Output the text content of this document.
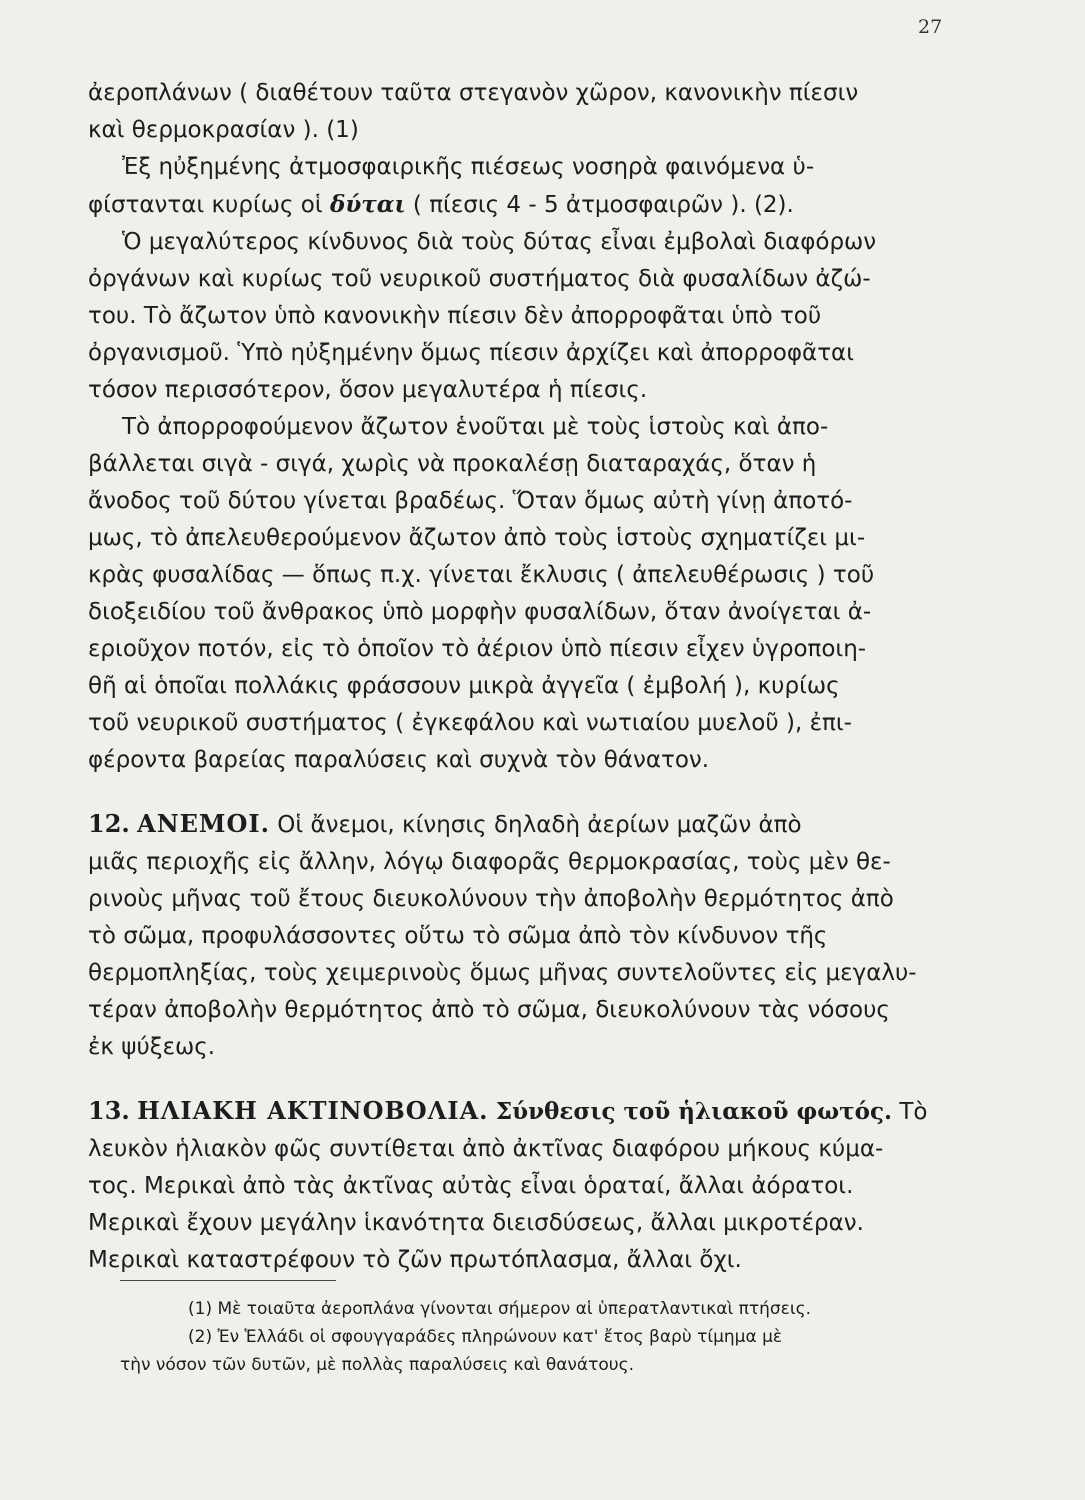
27

ἀεροπλάνων ( διαθέτουν ταῦτα στεγανὸν χῶρον, κανονικὴν πίεσιν
καὶ θερμοκρασίαν ). (1)

Ἐξ ηὐξημένης ἀτμοσφαιρικῆς πιέσεως νοσηρὰ φαινόμενα ὑ-
φίστανται κυρίως οἱ δύται ( πίεσις 4 - 5 ἀτμοσφαιρῶν ). (2).

Ὁ μεγαλύτερος κίνδυνος διὰ τοὺς δύτας εἶναι ἐμβολαὶ διαφόρων
ὀργάνων καὶ κυρίως τοῦ νευρικοῦ συστήματος διὰ φυσαλίδων ἀζώ-
του. Τὸ ἄζωτον ὑπὸ κανονικὴν πίεσιν δὲν ἀπορροφᾶται ὑπὸ τοῦ
ὀργανισμοῦ. Ὑπὸ ηὐξημένην ὅμως πίεσιν ἀρχίζει καὶ ἀπορροφᾶται
τόσον περισσότερον, ὅσον μεγαλυτέρα ἡ πίεσις.

Τὸ ἀπορροφούμενον ἄζωτον ἑνοῦται μὲ τοὺς ἱστοὺς καὶ ἀπο-
βάλλεται σιγὰ - σιγά, χωρὶς νὰ προκαλέσῃ διαταραχάς, ὅταν ἡ
ἄνοδος τοῦ δύτου γίνεται βραδέως. Ὅταν ὅμως αὐτὴ γίνῃ ἀποτό-
μως, τὸ ἀπελευθερούμενον ἄζωτον ἀπὸ τοὺς ἱστοὺς σχηματίζει μι-
κρὰς φυσαλίδας — ὅπως π.χ. γίνεται ἔκλυσις ( ἀπελευθέρωσις ) τοῦ
διοξειδίου τοῦ ἄνθρακος ὑπὸ μορφὴν φυσαλίδων, ὅταν ἀνοίγεται ἀ-
εριοῦχον ποτόν, εἰς τὸ ὁποῖον τὸ ἀέριον ὑπὸ πίεσιν εἶχεν ὑγροποιη-
θῆ αἱ ὁποῖαι πολλάκις φράσσουν μικρὰ ἀγγεῖα ( ἐμβολή ), κυρίως
τοῦ νευρικοῦ συστήματος ( ἐγκεφάλου καὶ νωτιαίου μυελοῦ ), ἐπι-
φέροντα βαρείας παραλύσεις καὶ συχνὰ τὸν θάνατον.

12. ΑΝΕΜΟΙ. Οἱ ἄνεμοι, κίνησις δηλαδὴ ἀερίων μαζῶν ἀπὸ
μιᾶς περιοχῆς εἰς ἄλλην, λόγῳ διαφορᾶς θερμοκρασίας, τοὺς μὲν θε-
ρινοὺς μῆνας τοῦ ἔτους διευκολύνουν τὴν ἀποβολὴν θερμότητος ἀπὸ
τὸ σῶμα, προφυλάσσοντες οὕτω τὸ σῶμα ἀπὸ τὸν κίνδυνον τῆς
θερμοπληξίας, τοὺς χειμερινοὺς ὅμως μῆνας συντελοῦντες εἰς μεγαλυ-
τέραν ἀποβολὴν θερμότητος ἀπὸ τὸ σῶμα, διευκολύνουν τὰς νόσους
ἐκ ψύξεως.

13. ΗΛΙΑΚΗ ΑΚΤΙΝΟΒΟΛΙΑ. Σύνθεσις τοῦ ἡλιακοῦ φωτός. Τὸ
λευκὸν ἡλιακὸν φῶς συντίθεται ἀπὸ ἀκτῖνας διαφόρου μήκους κύμα-
τος. Μερικαὶ ἀπὸ τὰς ἀκτῖνας αὐτὰς εἶναι ὁραταί, ἄλλαι ἀόρατοι.
Μερικαὶ ἔχουν μεγάλην ἱκανότητα διεισδύσεως, ἄλλαι μικροτέραν.
Μερικαὶ καταστρέφουν τὸ ζῶν πρωτόπλασμα, ἄλλαι ὄχι.

(1) Μὲ τοιαῦτα ἀεροπλάνα γίνονται σήμερον αἱ ὑπερατλαντικαὶ πτήσεις.
(2) Ἐν Ἑλλάδι οἱ σφουγγαράδες πληρώνουν κατ' ἔτος βαρὺ τίμημα μὲ
τὴν νόσον τῶν δυτῶν, μὲ πολλὰς παραλύσεις καὶ θανάτους.
